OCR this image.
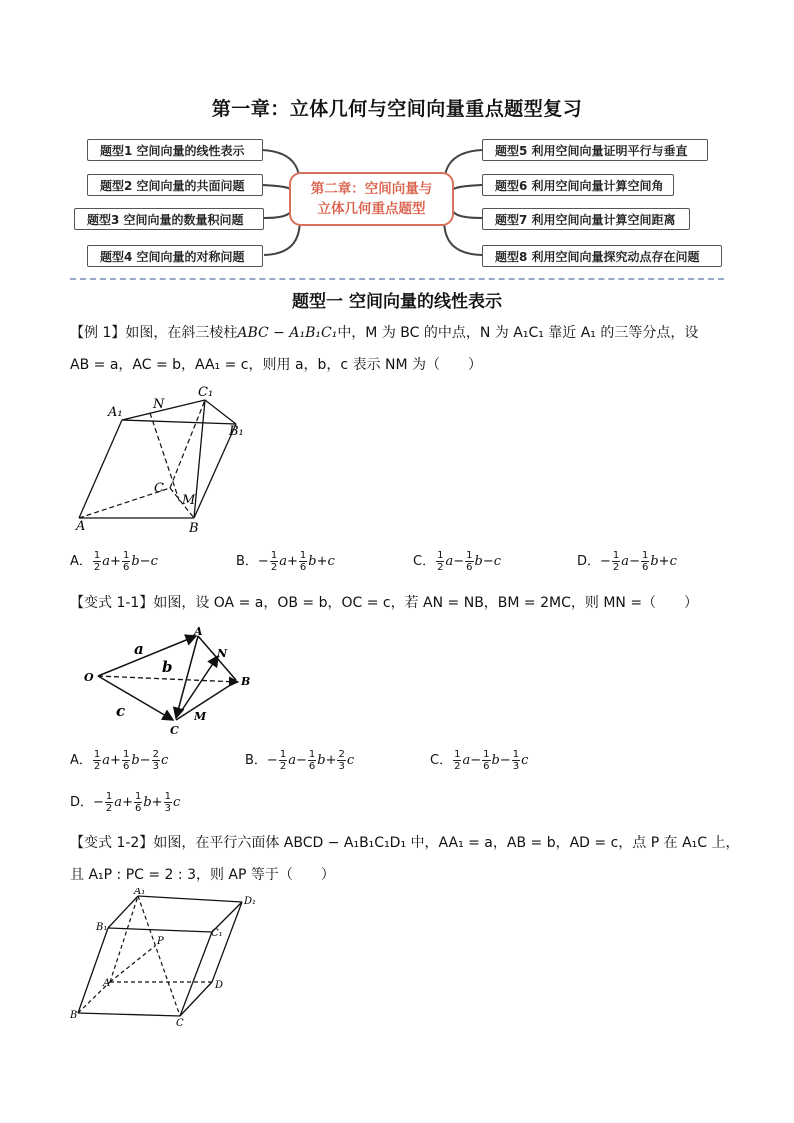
第一章：立体几何与空间向量重点题型复习
题型1 空间向量的线性表示
题型2 空间向量的共面问题
题型3 空间向量的数量积问题
题型4 空间向量的对称问题
题型5 利用空间向量证明平行与垂直
题型6 利用空间向量计算空间角
题型7 利用空间向量计算空间距离
题型8 利用空间向量探究动点存在问题
第二章：空间向量与
立体几何重点题型
题型一 空间向量的线性表示
【例 1】如图，在斜三棱柱ABC − A₁B₁C₁中，M 为 BC 的中点，N 为 A₁C₁ 靠近 A₁ 的三等分点，设
AB = a，AC = b，AA₁ = c，则用 a，b，c 表示 NM 为（　　）
A	B
C
A₁
B₁
C₁
M
N
A． $\frac{1}{2} a+ \frac{1}{6} b-c$	B．− $\frac{1}{2} a+ \frac{1}{6} b+c$	C． $\frac{1}{2} a- \frac{1}{6} b-c$	D．− $\frac{1}{2} a- \frac{1}{6} b+c$
【变式 1-1】如图，设 OA = a，OB = b，OC = c，若 AN = NB，BM = 2MC，则 MN =（　　）
O
A
B
C
M
N
a
b
c
A． $\frac{1}{2} a+ \frac{1}{6} b- \frac{2}{3}$ c	B．− $\frac{1}{2} a- \frac{1}{6} b+ \frac{2}{3}$ c	C． $\frac{1}{2} a- \frac{1}{6} b- \frac{1}{3}$ c
D．− $\frac{1}{2} a+ \frac{1}{6} b+ \frac{1}{3}$ c
【变式 1-2】如图，在平行六面体 ABCD − A₁B₁C₁D₁ 中，AA₁ = a，AB = b，AD = c，点 P 在 A₁C 上，
且 A₁P : PC = 2 : 3，则 AP 等于（　　）
A₁
B₁
C₁
D₁
A
B
C
D
P
